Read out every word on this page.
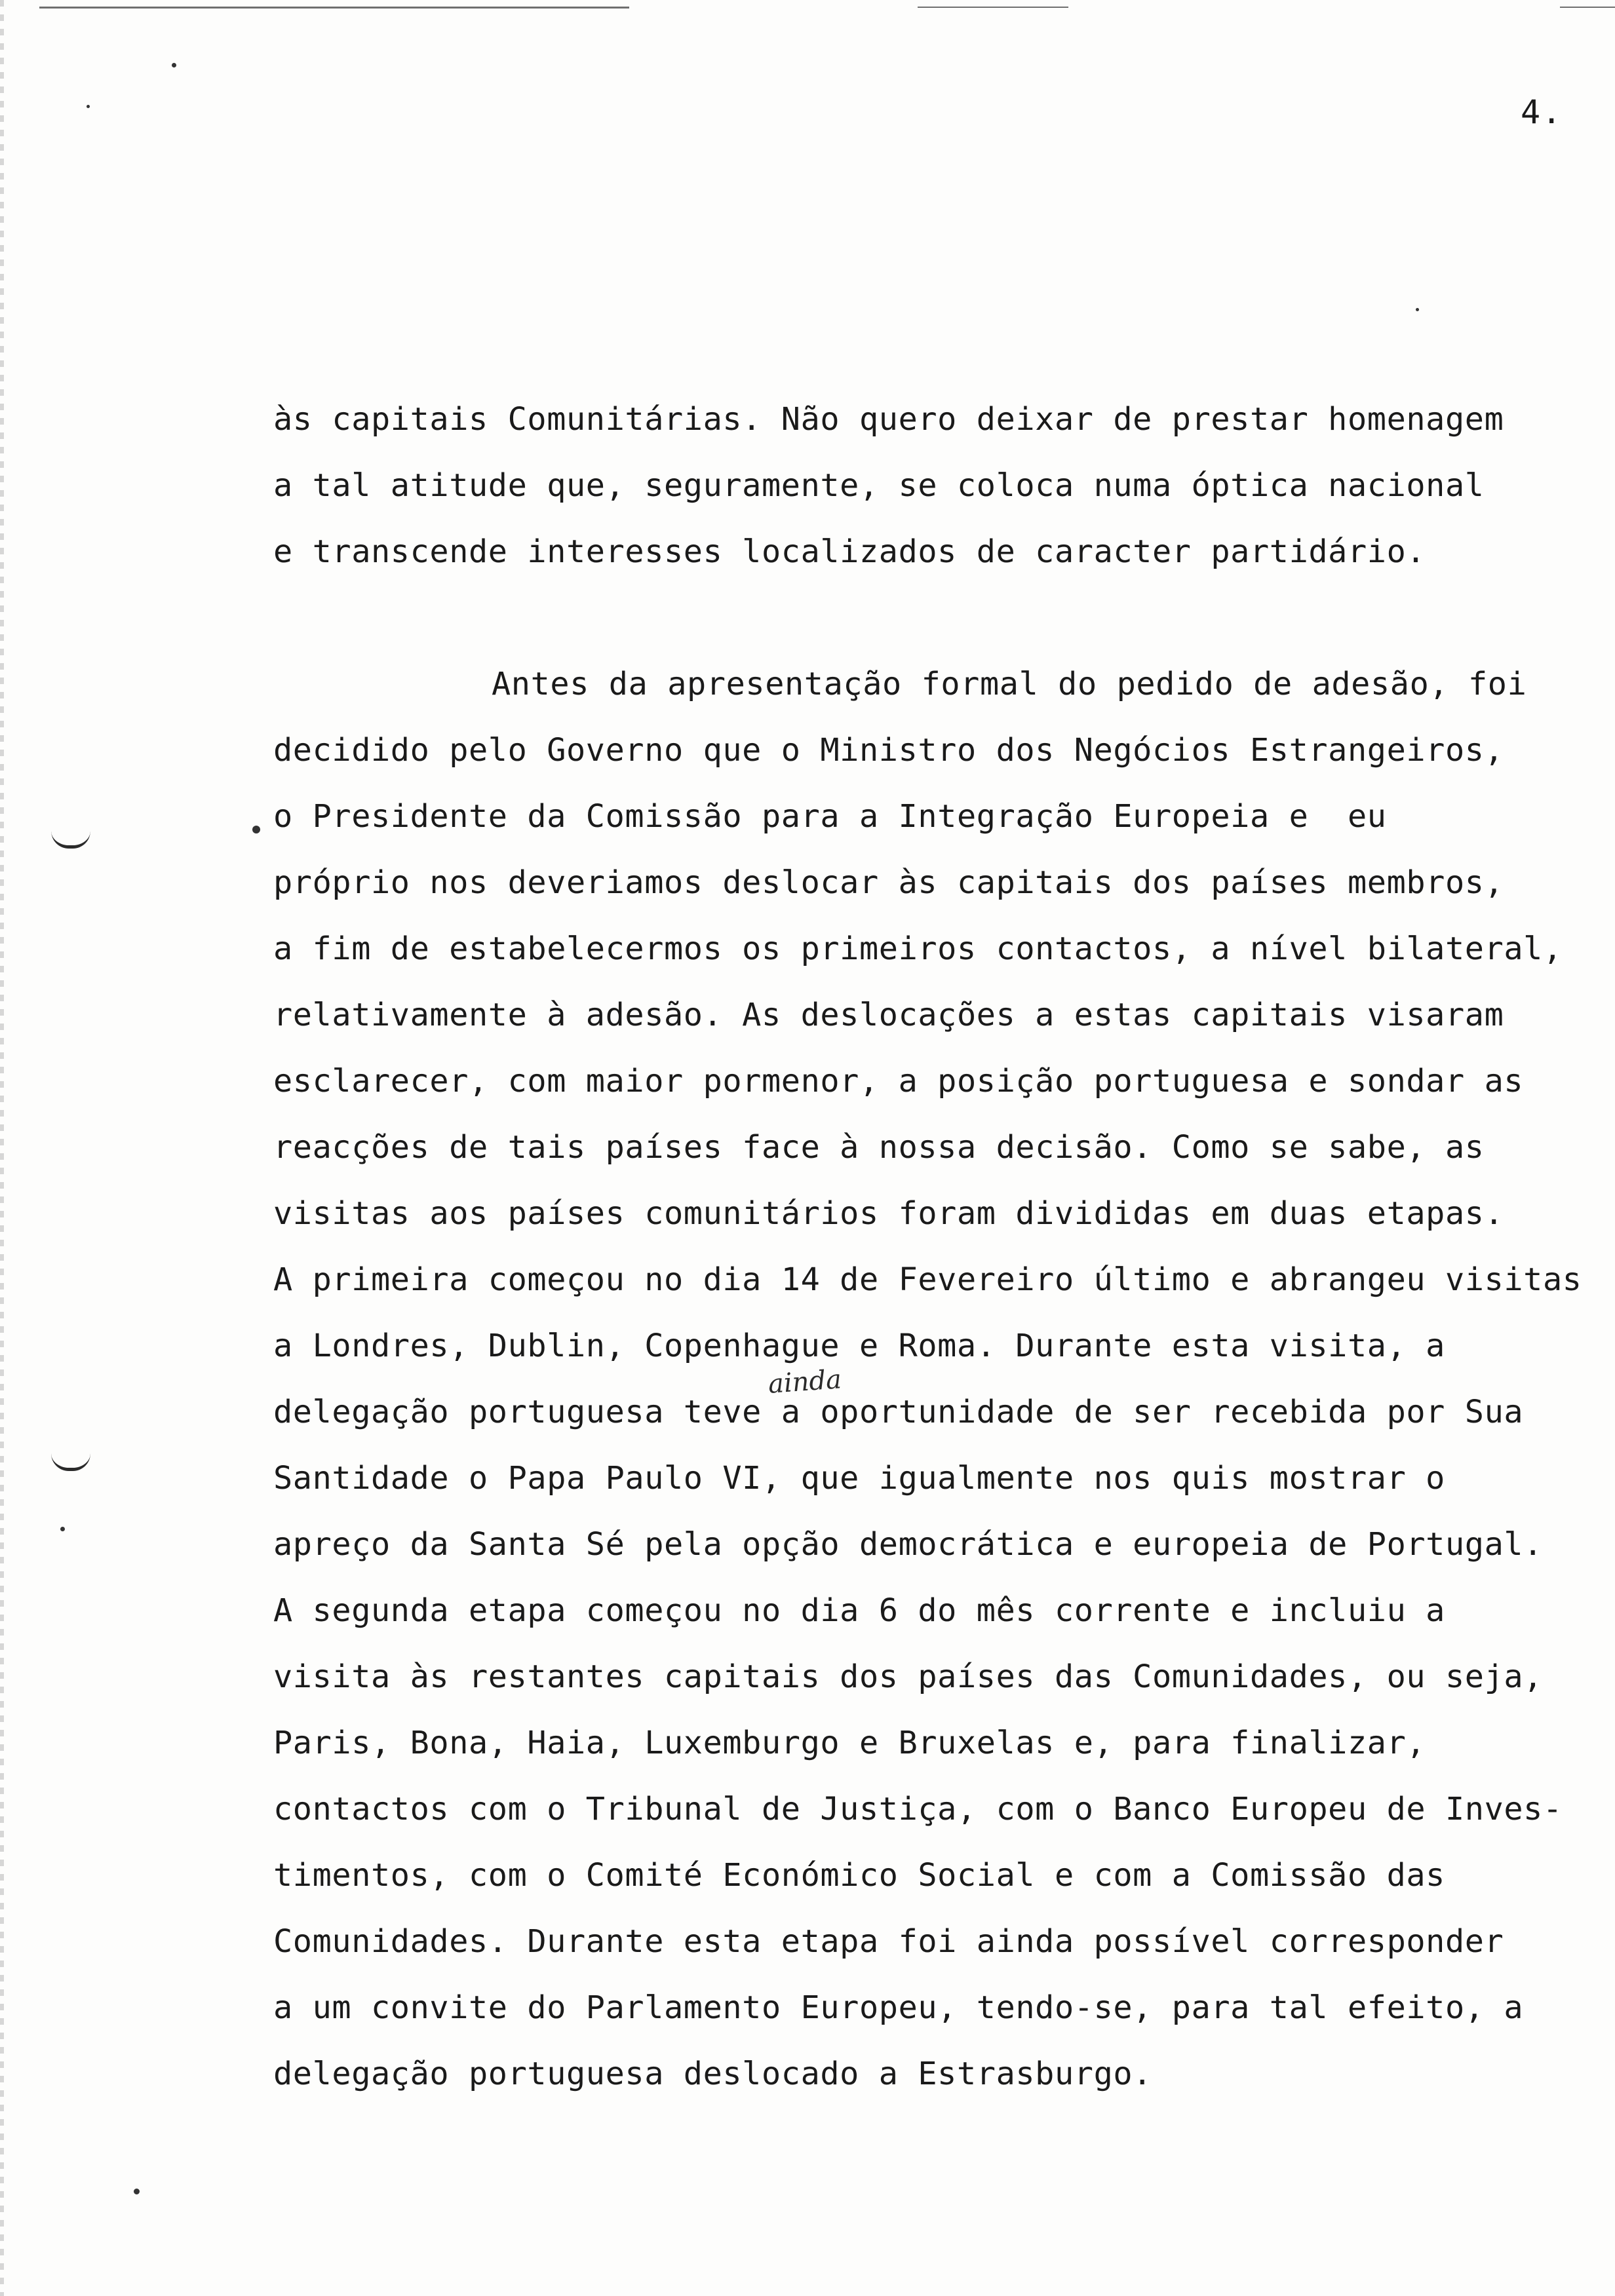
4.
ainda
às capitais Comunitárias. Não quero deixar de prestar homenagem
a tal atitude que, seguramente, se coloca numa óptica nacional
e transcende interesses localizados de caracter partidário.
Antes da apresentação formal do pedido de adesão, foi
decidido pelo Governo que o Ministro dos Negócios Estrangeiros,
o Presidente da Comissão para a Integração Europeia e  eu
próprio nos deveriamos deslocar às capitais dos países membros,
a fim de estabelecermos os primeiros contactos, a nível bilateral,
relativamente à adesão. As deslocações a estas capitais visaram
esclarecer, com maior pormenor, a posição portuguesa e sondar as
reacções de tais países face à nossa decisão. Como se sabe, as
visitas aos países comunitários foram divididas em duas etapas.
A primeira começou no dia 14 de Fevereiro último e abrangeu visitas
a Londres, Dublin, Copenhague e Roma. Durante esta visita, a
delegação portuguesa teve a oportunidade de ser recebida por Sua
Santidade o Papa Paulo VI, que igualmente nos quis mostrar o
apreço da Santa Sé pela opção democrática e europeia de Portugal.
A segunda etapa começou no dia 6 do mês corrente e incluiu a
visita às restantes capitais dos países das Comunidades, ou seja,
Paris, Bona, Haia, Luxemburgo e Bruxelas e, para finalizar,
contactos com o Tribunal de Justiça, com o Banco Europeu de Inves-
timentos, com o Comité Económico Social e com a Comissão das
Comunidades. Durante esta etapa foi ainda possível corresponder
a um convite do Parlamento Europeu, tendo-se, para tal efeito, a
delegação portuguesa deslocado a Estrasburgo.
